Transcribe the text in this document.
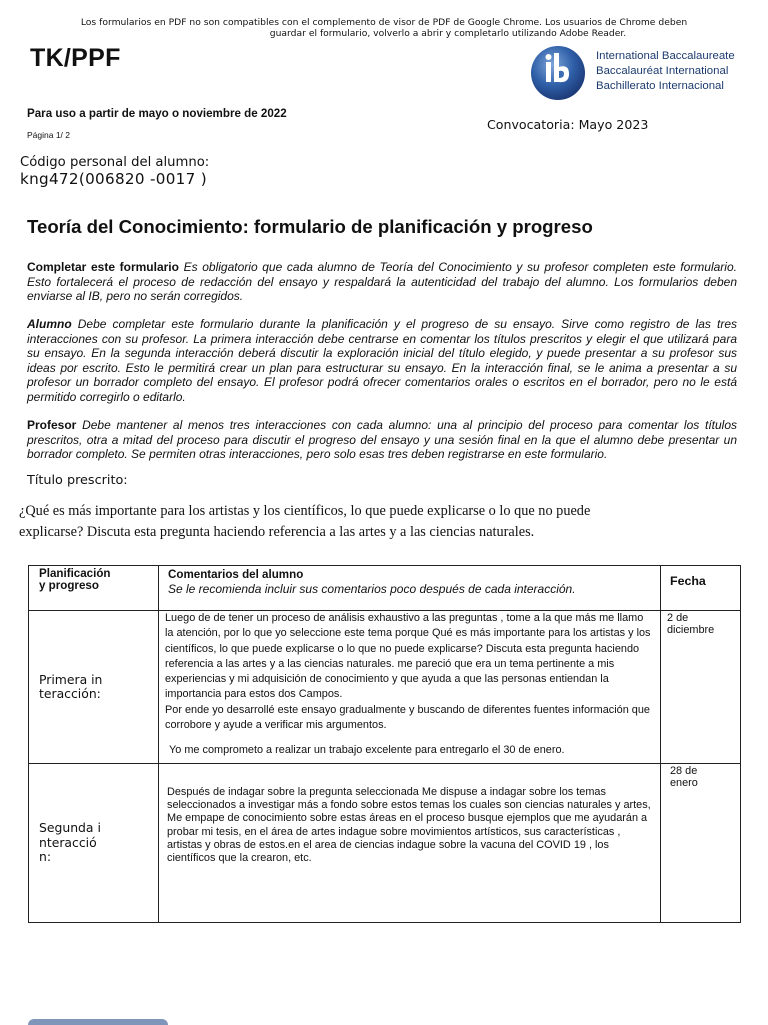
Los formularios en PDF no son compatibles con el complemento de visor de PDF de Google Chrome. Los usuarios de Chrome deben
guardar el formulario, volverlo a abrir y completarlo utilizando Adobe Reader.
TK/PPF	International Baccalaureate
Baccalauréat International
Bachillerato Internacional
Para uso a partir de mayo o noviembre de 2022
Página 1/ 2
Convocatoria: Mayo 2023
Código personal del alumno:
kng472(006820 -0017 )
Teoría del Conocimiento: formulario de planificación y progreso
Completar este formulario Es obligatorio que cada alumno de Teoría del Conocimiento y su profesor completen este formulario. Esto fortalecerá el proceso de redacción del ensayo y respaldará la autenticidad del trabajo del alumno. Los formularios deben enviarse al IB, pero no serán corregidos.
Alumno Debe completar este formulario durante la planificación y el progreso de su ensayo. Sirve como registro de las tres interacciones con su profesor. La primera interacción debe centrarse en comentar los títulos prescritos y elegir el que utilizará para su ensayo. En la segunda interacción deberá discutir la exploración inicial del título elegido, y puede presentar a su profesor sus ideas por escrito. Esto le permitirá crear un plan para estructurar su ensayo. En la interacción final, se le anima a presentar a su profesor un borrador completo del ensayo. El profesor podrá ofrecer comentarios orales o escritos en el borrador, pero no le está permitido corregirlo o editarlo.
Profesor Debe mantener al menos tres interacciones con cada alumno: una al principio del proceso para comentar los títulos prescritos, otra a mitad del proceso para discutir el progreso del ensayo y una sesión final en la que el alumno debe presentar un borrador completo. Se permiten otras interacciones, pero solo esas tres deben registrarse en este formulario.
Título prescrito:
¿Qué es más importante para los artistas y los científicos, lo que puede explicarse o lo que no puede explicarse? Discuta esta pregunta haciendo referencia a las artes y a las ciencias naturales.
Planificación y progreso	Comentarios del alumno
Se le recomienda incluir sus comentarios poco después de cada interacción.	Fecha

Primera interacción:	Luego de de tener un proceso de análisis exhaustivo a las preguntas , tome a la que más me llamo la atención, por lo que yo seleccione este tema porque Qué es más importante para los artistas y los científicos, lo que puede explicarse o lo que no puede explicarse? Discuta esta pregunta haciendo referencia a las artes y a las ciencias naturales. me pareció que era un tema pertinente a mis experiencias y mi adquisición de conocimiento y que ayuda a que las personas entiendan la importancia para estos dos Campos.

Por ende yo desarrollé este ensayo gradualmente y buscando de diferentes fuentes información que corrobore y ayude a verificar mis argumentos.

Yo me comprometo a realizar un trabajo excelente para entregarlo el 30 de enero.	2 de diciembre

Segunda interacción:	Después de indagar sobre la pregunta seleccionada Me dispuse a indagar sobre los temas seleccionados a investigar más a fondo sobre estos temas los cuales son ciencias naturales y artes, Me empape de conocimiento sobre estas áreas en el proceso busque ejemplos que me ayudarán a probar mi tesis, en el área de artes indague sobre movimientos artísticos, sus características , artistas y obras de estos.en el area de ciencias indague sobre la vacuna del COVID 19 , los científicos que la crearon, etc.	28 de enero
